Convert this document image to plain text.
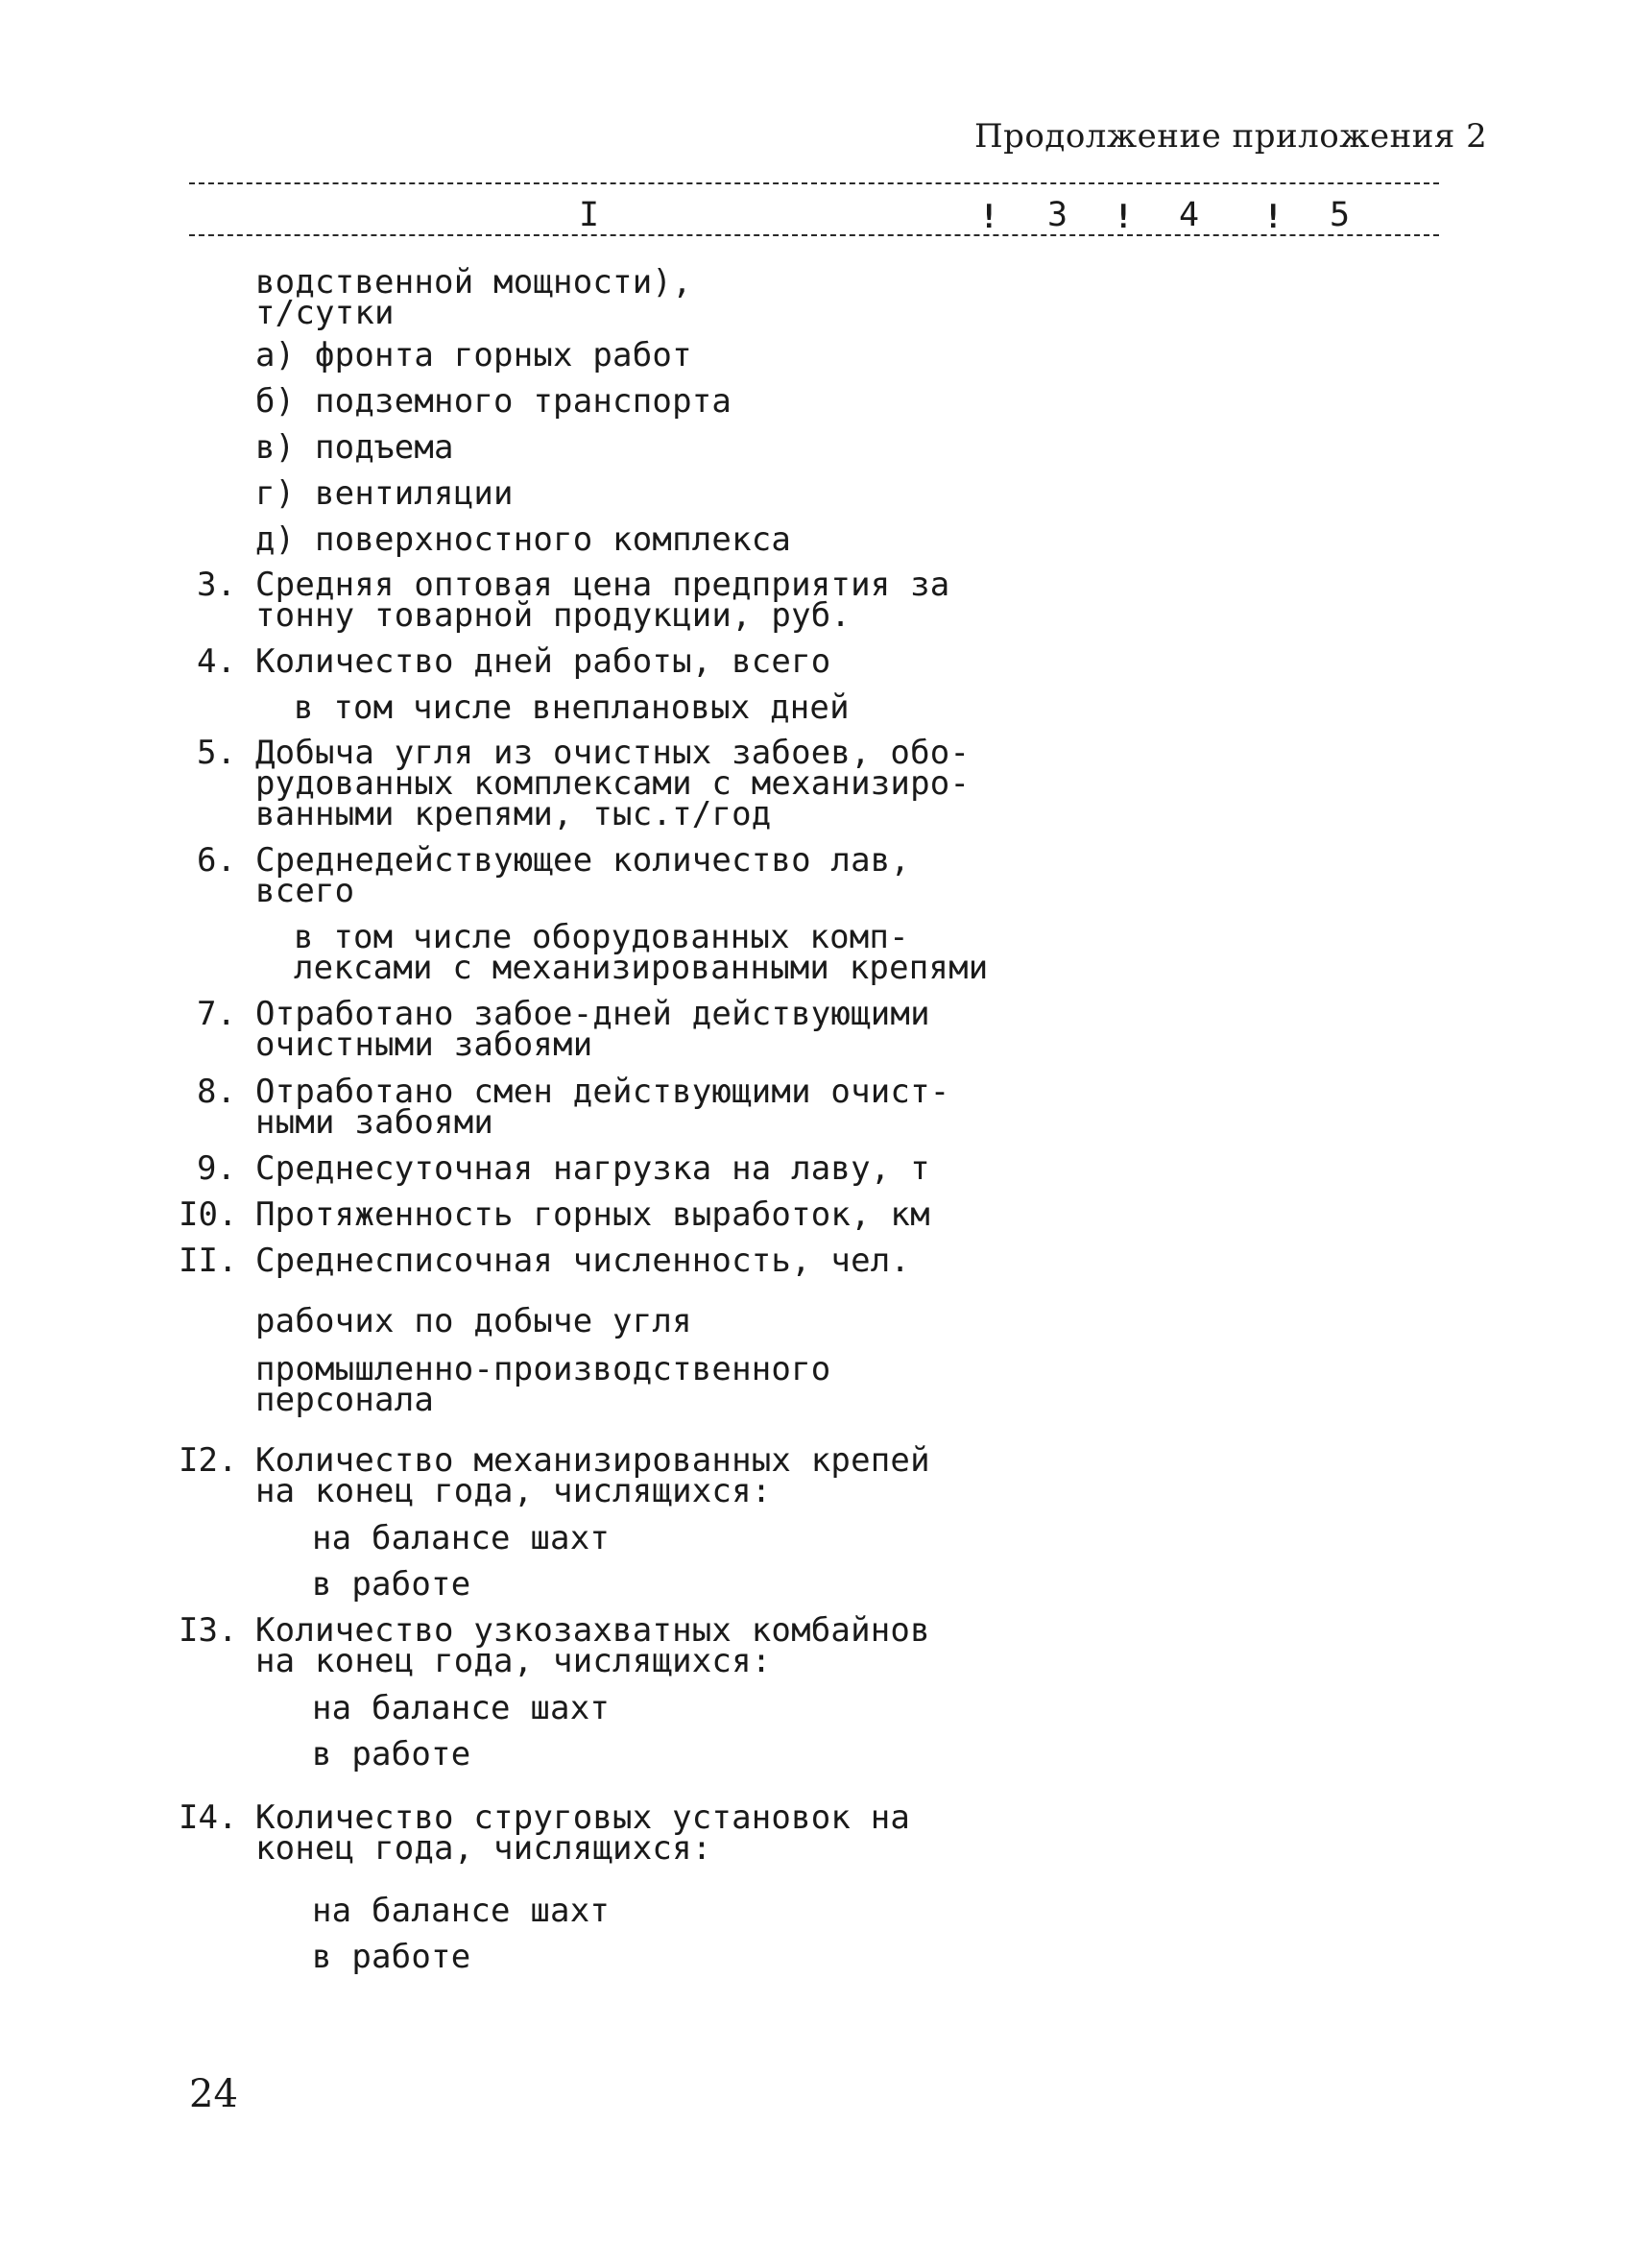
Продолжение приложения 2
I	! 3 ! 4 ! 5
водственной мощности),
т/сутки
а) фронта горных работ
б) подземного транспорта
в) подъема
г) вентиляции
д) поверхностного комплекса
3. Средняя оптовая цена предприятия за
тонну товарной продукции, руб.
4. Количество дней работы, всего
в том числе внеплановых дней
5. Добыча угля из очистных забоев, обо-
рудованных комплексами с механизиро-
ванными крепями, тыс.т/год
6. Среднедействующее количество лав,
всего
в том числе оборудованных комп-
лексами с механизированными крепями
7. Отработано забое-дней действующими
очистными забоями
8. Отработано смен действующими очист-
ными забоями
9. Среднесуточная нагрузка на лаву, т
I0. Протяженность горных выработок, км
II. Среднесписочная численность, чел.
рабочих по добыче угля
промышленно-производственного
персонала
I2. Количество механизированных крепей
на конец года, числящихся:
на балансе шахт
в работе
I3. Количество узкозахватных комбайнов
на конец года, числящихся:
на балансе шахт
в работе
I4. Количество струговых установок на
конец года, числящихся:
на балансе шахт
в работе
24
